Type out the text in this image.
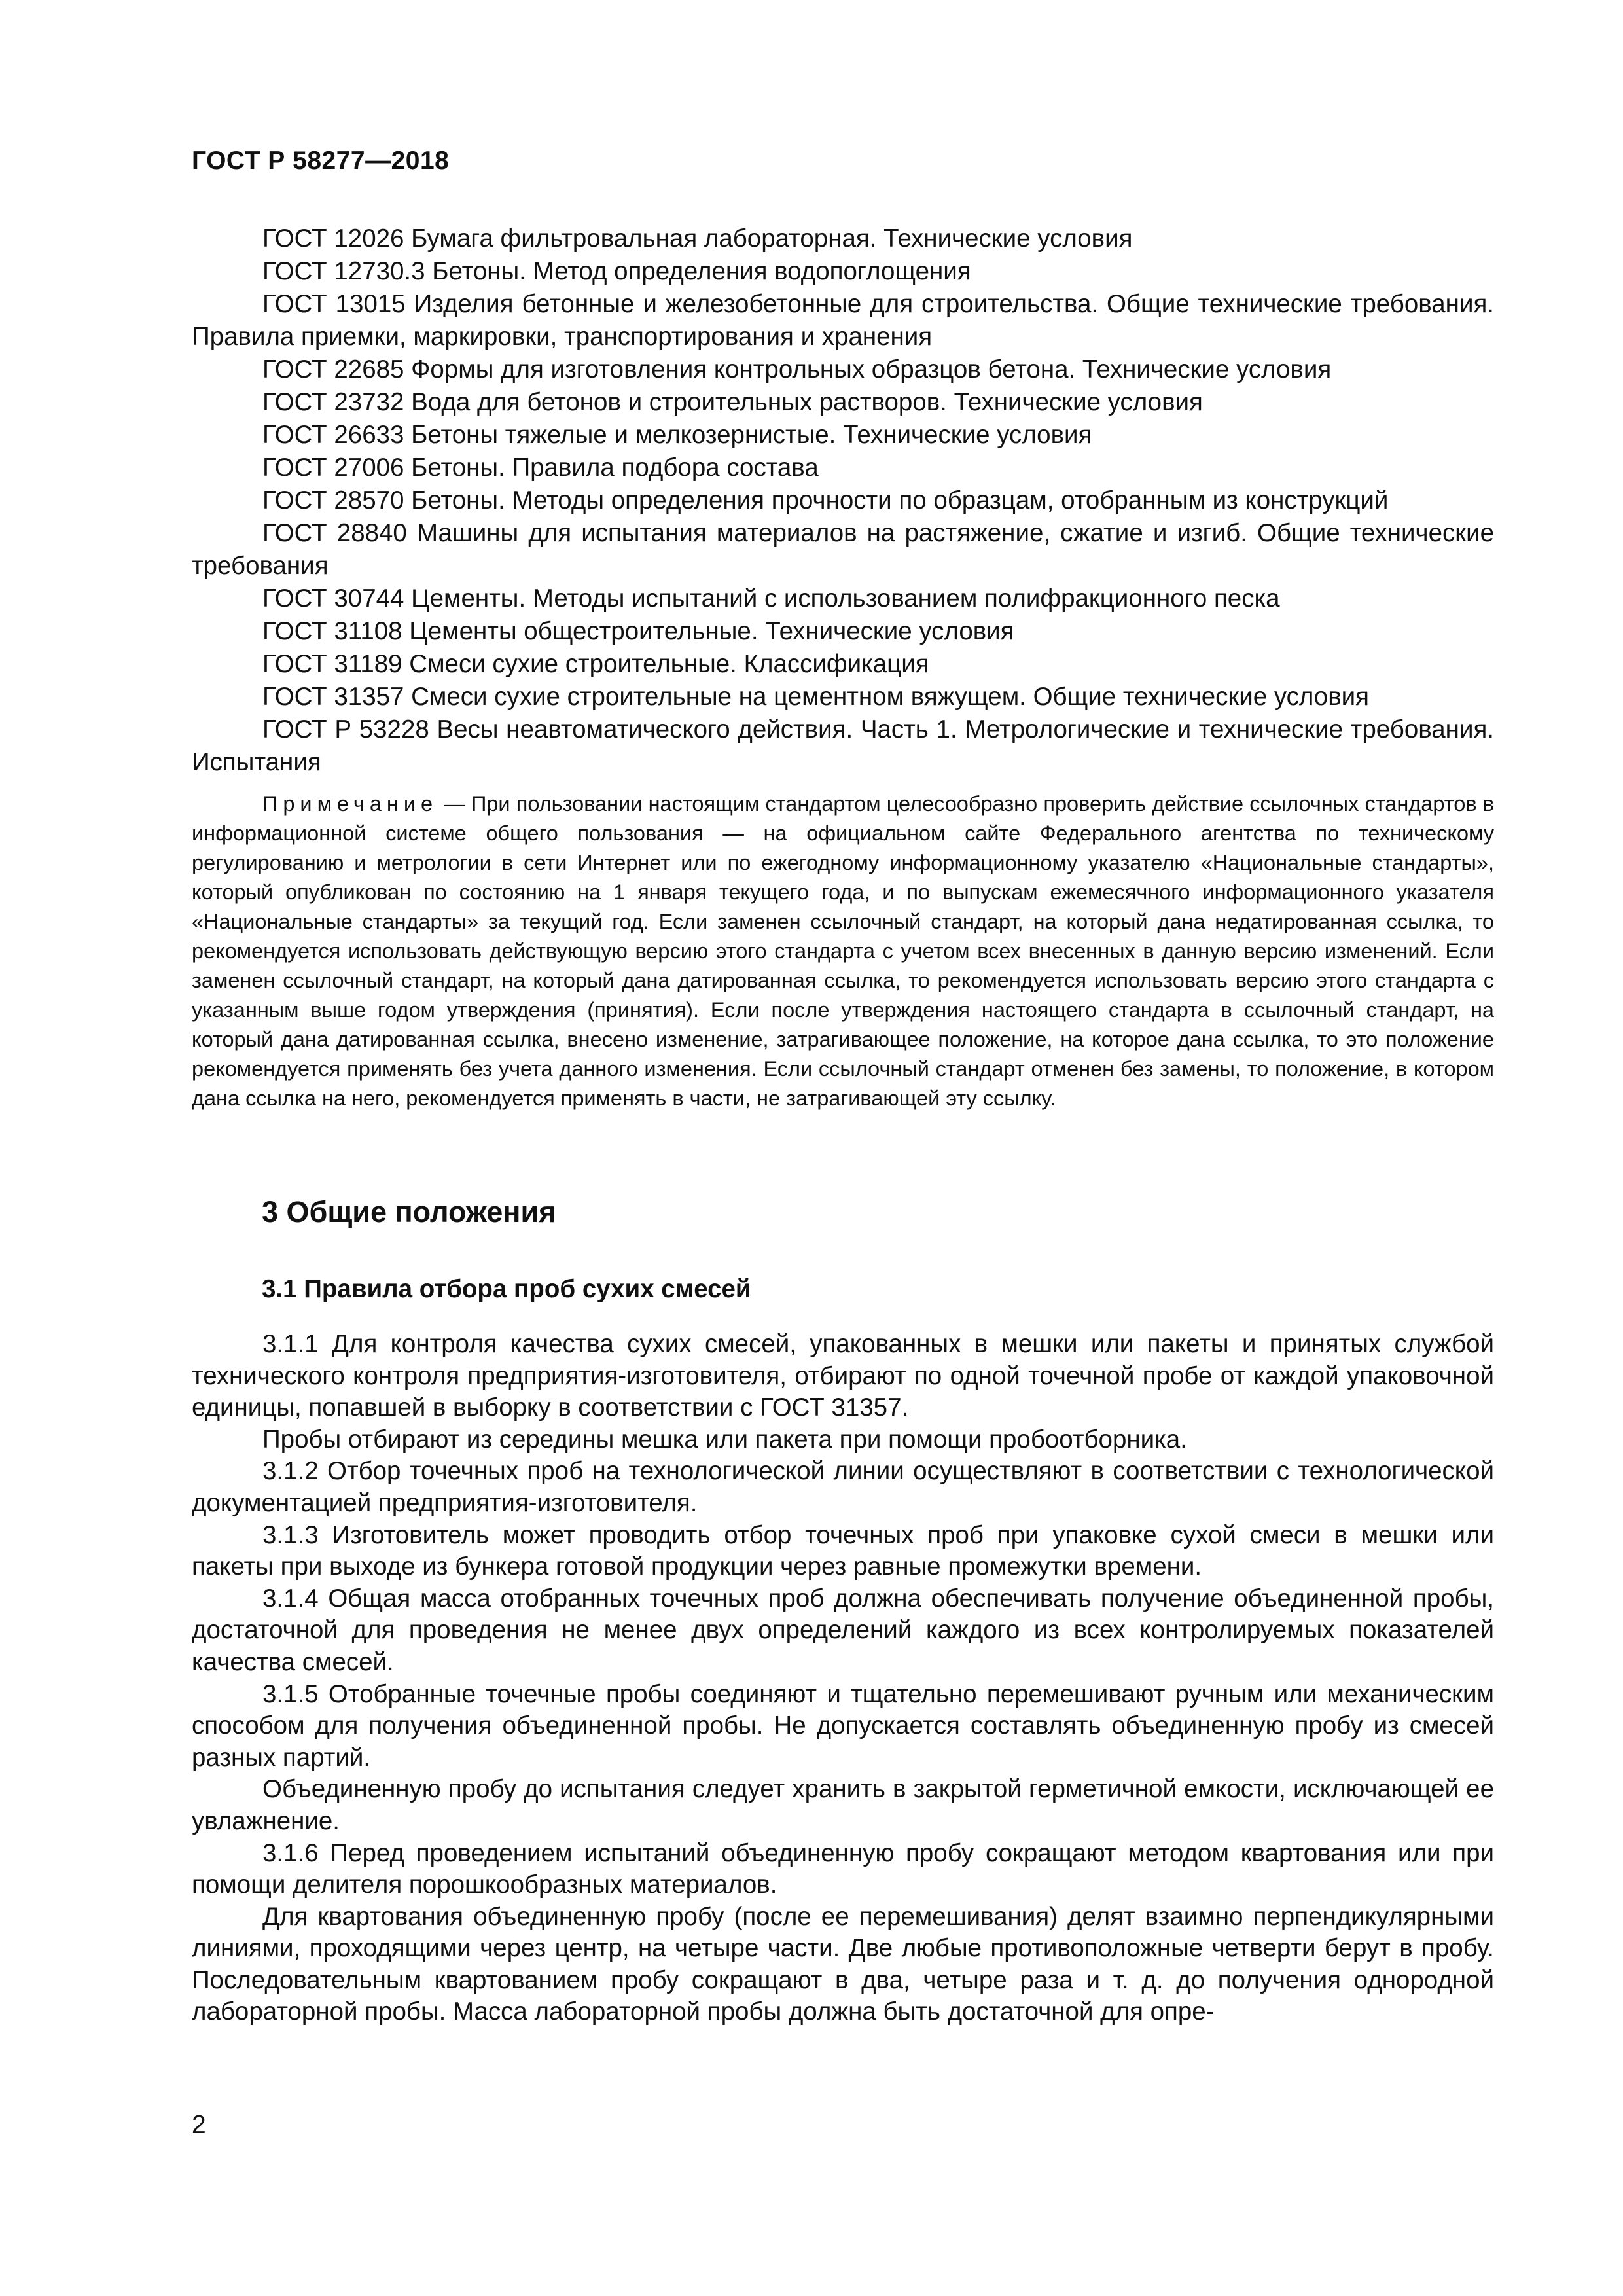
ГОСТ Р 58277—2018

ГОСТ 12026 Бумага фильтровальная лабораторная. Технические условия

ГОСТ 12730.3 Бетоны. Метод определения водопоглощения

ГОСТ 13015 Изделия бетонные и железобетонные для строительства. Общие технические требования. Правила приемки, маркировки, транспортирования и хранения

ГОСТ 22685 Формы для изготовления контрольных образцов бетона. Технические условия

ГОСТ 23732 Вода для бетонов и строительных растворов. Технические условия

ГОСТ 26633 Бетоны тяжелые и мелкозернистые. Технические условия

ГОСТ 27006 Бетоны. Правила подбора состава

ГОСТ 28570 Бетоны. Методы определения прочности по образцам, отобранным из конструкций

ГОСТ 28840 Машины для испытания материалов на растяжение, сжатие и изгиб. Общие технические требования

ГОСТ 30744 Цементы. Методы испытаний с использованием полифракционного песка

ГОСТ 31108 Цементы общестроительные. Технические условия

ГОСТ 31189 Смеси сухие строительные. Классификация

ГОСТ 31357 Смеси сухие строительные на цементном вяжущем. Общие технические условия

ГОСТ Р 53228 Весы неавтоматического действия. Часть 1. Метрологические и технические требования. Испытания

Примечание — При пользовании настоящим стандартом целесообразно проверить действие ссылочных стандартов в информационной системе общего пользования — на официальном сайте Федерального агентства по техническому регулированию и метрологии в сети Интернет или по ежегодному информационному указателю «Национальные стандарты», который опубликован по состоянию на 1 января текущего года, и по выпускам ежемесячного информационного указателя «Национальные стандарты» за текущий год. Если заменен ссылочный стандарт, на который дана недатированная ссылка, то рекомендуется использовать действующую версию этого стандарта с учетом всех внесенных в данную версию изменений. Если заменен ссылочный стандарт, на который дана датированная ссылка, то рекомендуется использовать версию этого стандарта с указанным выше годом утверждения (принятия). Если после утверждения настоящего стандарта в ссылочный стандарт, на который дана датированная ссылка, внесено изменение, затрагивающее положение, на которое дана ссылка, то это положение рекомендуется применять без учета данного изменения. Если ссылочный стандарт отменен без замены, то положение, в котором дана ссылка на него, рекомендуется применять в части, не затрагивающей эту ссылку.

3 Общие положения
3.1 Правила отбора проб сухих смесей

3.1.1 Для контроля качества сухих смесей, упакованных в мешки или пакеты и принятых службой технического контроля предприятия-изготовителя, отбирают по одной точечной пробе от каждой упаковочной единицы, попавшей в выборку в соответствии с ГОСТ 31357.

Пробы отбирают из середины мешка или пакета при помощи пробоотборника.

3.1.2 Отбор точечных проб на технологической линии осуществляют в соответствии с технологической документацией предприятия-изготовителя.

3.1.3 Изготовитель может проводить отбор точечных проб при упаковке сухой смеси в мешки или пакеты при выходе из бункера готовой продукции через равные промежутки времени.

3.1.4 Общая масса отобранных точечных проб должна обеспечивать получение объединенной пробы, достаточной для проведения не менее двух определений каждого из всех контролируемых показателей качества смесей.

3.1.5 Отобранные точечные пробы соединяют и тщательно перемешивают ручным или механическим способом для получения объединенной пробы. Не допускается составлять объединенную пробу из смесей разных партий.

Объединенную пробу до испытания следует хранить в закрытой герметичной емкости, исключающей ее увлажнение.

3.1.6 Перед проведением испытаний объединенную пробу сокращают методом квартования или при помощи делителя порошкообразных материалов.

Для квартования объединенную пробу (после ее перемешивания) делят взаимно перпендикулярными линиями, проходящими через центр, на четыре части. Две любые противоположные четверти берут в пробу. Последовательным квартованием пробу сокращают в два, четыре раза и т. д. до получения однородной лабораторной пробы. Масса лабораторной пробы должна быть достаточной для опре-

2
